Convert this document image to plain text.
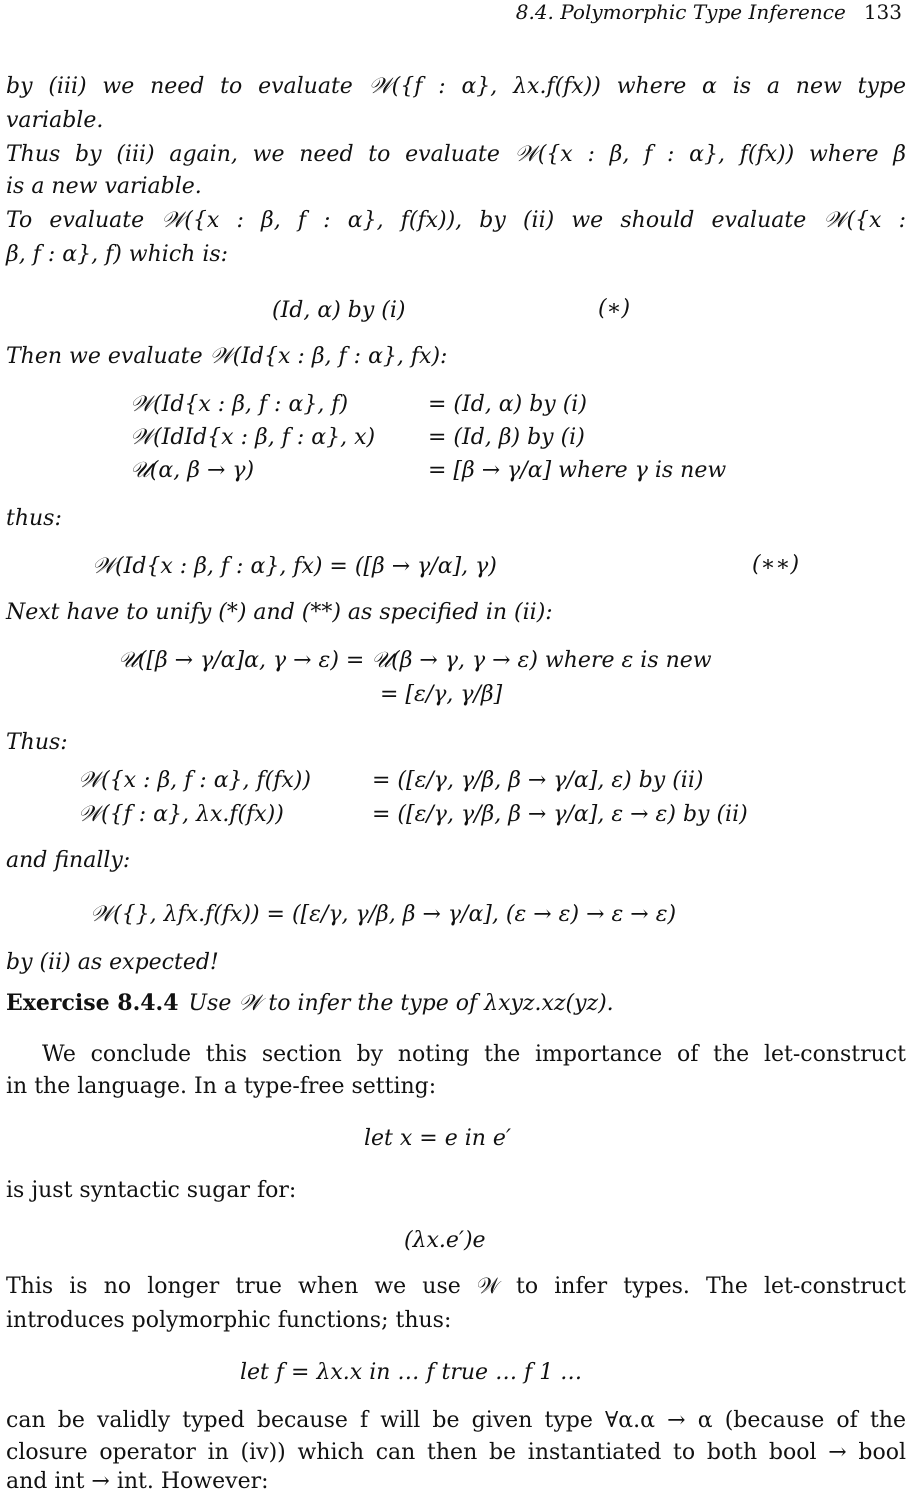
8.4. Polymorphic Type Inference 133
by (iii) we need to evaluate 𝒲({f : α}, λx.f(fx)) where α is a new type
variable.
Thus by (iii) again, we need to evaluate 𝒲({x : β, f : α}, f(fx)) where β
is a new variable.
To evaluate 𝒲({x : β, f : α}, f(fx)), by (ii) we should evaluate 𝒲({x :
β, f : α}, f) which is:
(Id, α) by (i)	(∗)
Then we evaluate 𝒲(Id{x : β, f : α}, fx):
𝒲(Id{x : β, f : α}, f)	= (Id, α) by (i)
𝒲(IdId{x : β, f : α}, x) = (Id, β) by (i)
𝒰(α, β → γ)	= [β → γ/α] where γ is new
thus:
𝒲(Id{x : β, f : α}, fx) = ([β → γ/α], γ)	(∗∗)
Next have to unify (*) and (**) as specified in (ii):
𝒰([β → γ/α]α, γ → ε) = 𝒰(β → γ, γ → ε) where ε is new
= [ε/γ, γ/β]
Thus:
𝒲({x : β, f : α}, f(fx))	= ([ε/γ, γ/β, β → γ/α], ε) by (ii)
𝒲({f : α}, λx.f(fx))	= ([ε/γ, γ/β, β → γ/α], ε → ε) by (ii)
and finally:
𝒲({}, λfx.f(fx)) = ([ε/γ, γ/β, β → γ/α], (ε → ε) → ε → ε)
by (ii) as expected!
Exercise 8.4.4 Use 𝒲 to infer the type of λxyz.xz(yz).
We conclude this section by noting the importance of the let-construct
in the language. In a type-free setting:
let x = e in e′
is just syntactic sugar for:
(λx.e′)e
This is no longer true when we use 𝒲 to infer types. The let-construct
introduces polymorphic functions; thus:
let f = λx.x in … f true … f 1 …
can be validly typed because f will be given type ∀α.α → α (because of the
closure operator in (iv)) which can then be instantiated to both bool → bool
and int → int. However:
